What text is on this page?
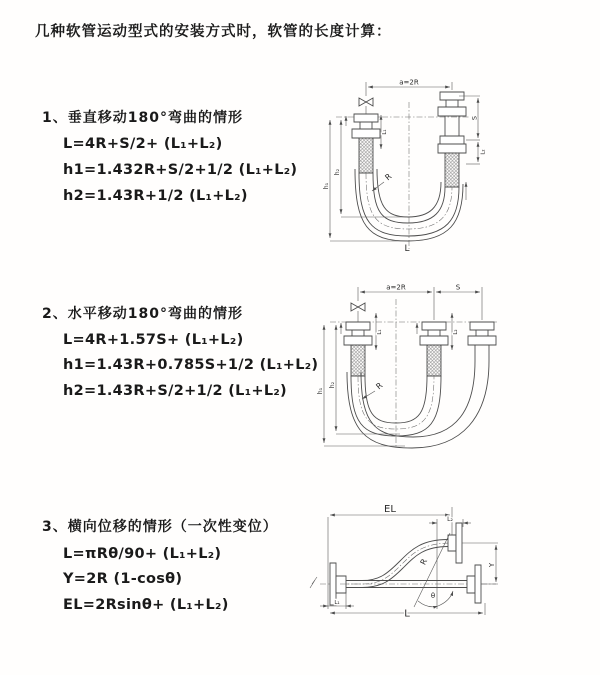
几种软管运动型式的安装方式时，软管的长度计算：
1、垂直移动180°弯曲的情形
L=4R+S/2+ (L₁+L₂)
h1=1.432R+S/2+1/2 (L₁+L₂)
h2=1.43R+1/2 (L₁+L₂)
2、水平移动180°弯曲的情形
L=4R+1.57S+ (L₁+L₂)
h1=1.43R+0.785S+1/2 (L₁+L₂)
h2=1.43R+S/2+1/2 (L₁+L₂)
3、横向位移的情形（一次性变位）
L=πRθ/90+ (L₁+L₂)
Y=2R (1-cosθ)
EL=2Rsinθ+ (L₁+L₂)
a=2R
h₁
h₂
L₁
S
L₂
R
L
a=2R	S
h₁
h₂
L₁	L₂
R
EL
L₂
R
θ
Y
L₁
L
